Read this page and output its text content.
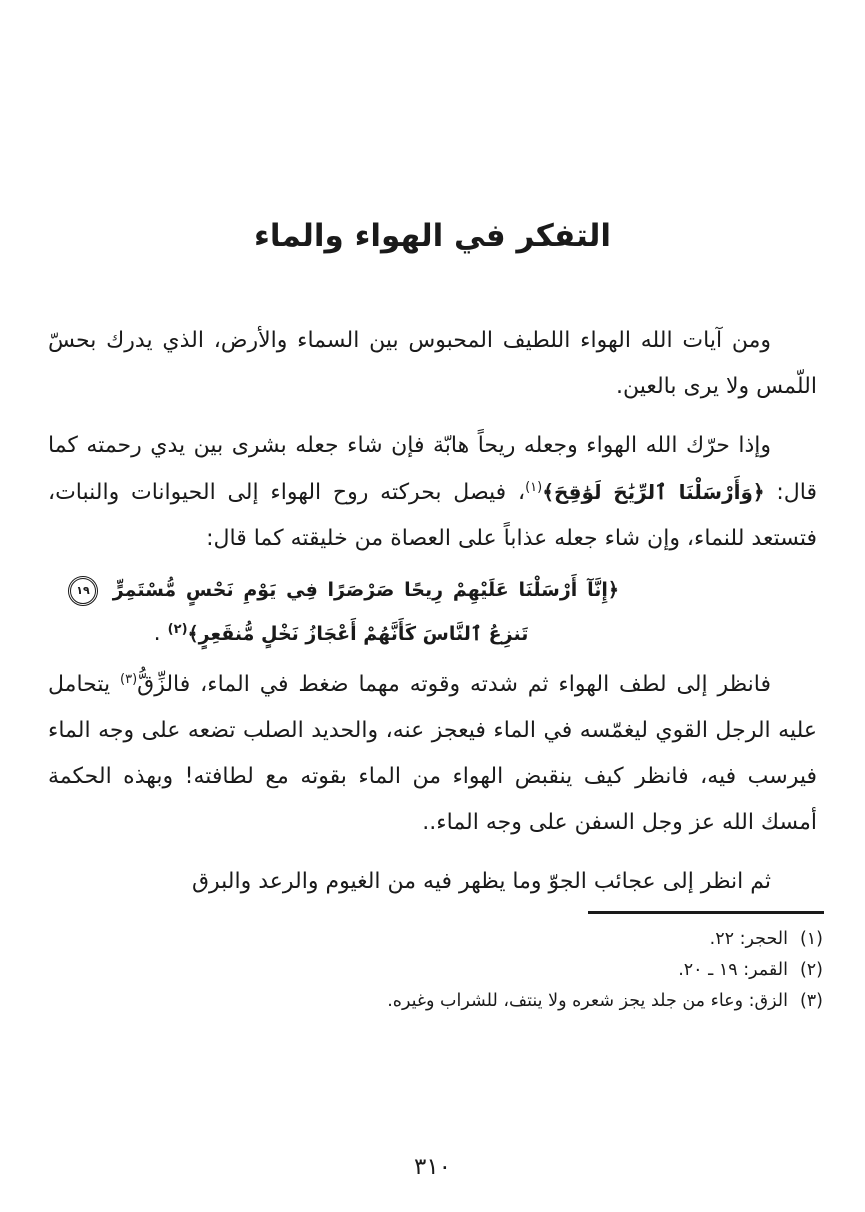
التفكر في الهواء والماء

ومن آيات الله الهواء اللطيف المحبوس بين السماء والأرض، الذي يدرك بحسّ اللّمس ولا يرى بالعين.

وإذا حرّك الله الهواء وجعله ريحاً هابّة فإن شاء جعله بشرى بين يدي رحمته كما قال: ﴿وَأَرْسَلْنَا ٱلرِّيَٰحَ لَوَٰقِحَ﴾(١)، فيصل بحركته روح الهواء إلى الحيوانات والنبات، فتستعد للنماء، وإن شاء جعله عذاباً على العصاة من خليقته كما قال:

﴿إِنَّآ أَرْسَلْنَا عَلَيْهِمْ رِيحًا صَرْصَرًا فِي يَوْمِ نَحْسٍ مُّسْتَمِرٍّ ١٩ تَنزِعُ ٱلنَّاسَ كَأَنَّهُمْ أَعْجَازُ نَخْلٍ مُّنقَعِرٍ﴾(٢) .

فانظر إلى لطف الهواء ثم شدته وقوته مهما ضغط في الماء، فالزِّقُّ(٣) يتحامل عليه الرجل القوي ليغمّسه في الماء فيعجز عنه، والحديد الصلب تضعه على وجه الماء فيرسب فيه، فانظر كيف ينقبض الهواء من الماء بقوته مع لطافته! وبهذه الحكمة أمسك الله عز وجل السفن على وجه الماء..

ثم انظر إلى عجائب الجوّ وما يظهر فيه من الغيوم والرعد والبرق

(١)
الحجر: ٢٢.
(٢)
القمر: ١٩ ـ ٢٠.
(٣)
الزق: وعاء من جلد يجز شعره ولا ينتف، للشراب وغيره.
٣١٠
